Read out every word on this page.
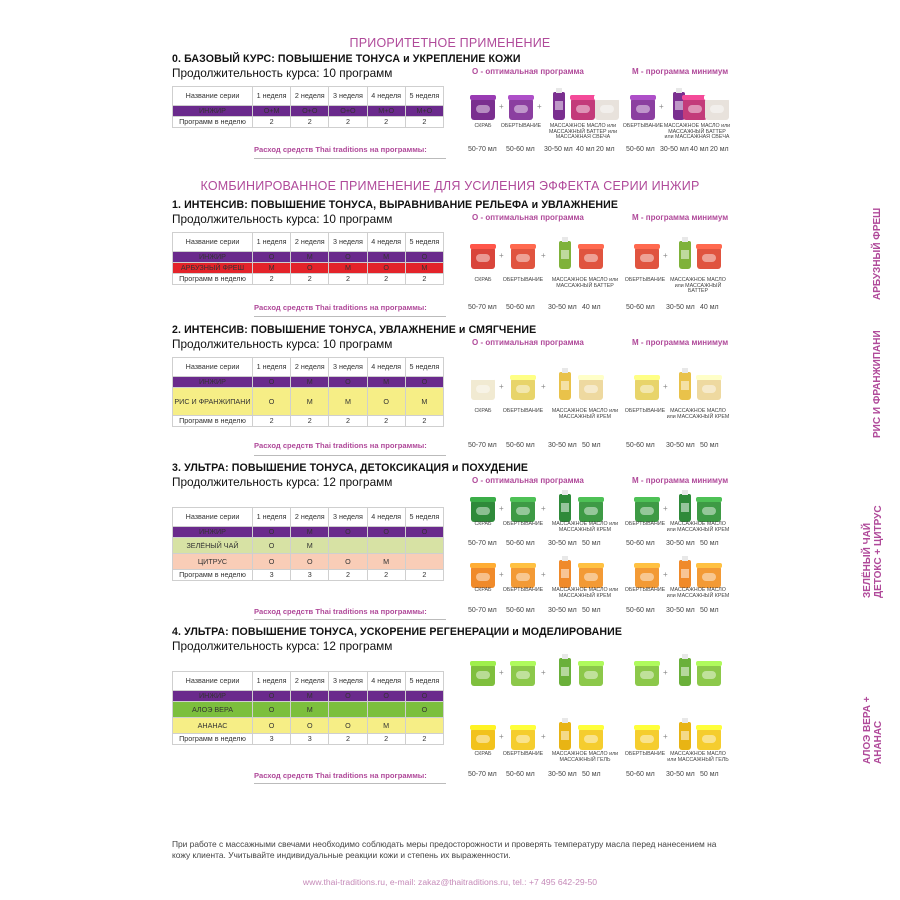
ПРИОРИТЕТНОЕ ПРИМЕНЕНИЕ
0. БАЗОВЫЙ КУРС: ПОВЫШЕНИЕ ТОНУСА и УКРЕПЛЕНИЕ КОЖИ
Продолжительность курса: 10 программ	О - оптимальная программа	М - программа минимум
Название серии	1 неделя	2 неделя	3 неделя	4 неделя	5 неделя
ИНЖИР	О+М	О+О	О+О	М+О	М+О
Программ в неделю	2	2	2	2	2
Расход средств Thai traditions на программы:
+	+	+
СКРАБ	ОБЕРТЫВАНИЕ	МАССАЖНОЕ МАСЛО или МАССАЖНЫЙ БАТТЕР или МАССАЖНАЯ СВЕЧА
ОБЕРТЫВАНИЕ МАССАЖНОЕ МАСЛО или МАССАЖНЫЙ БАТТЕР или МАССАЖНАЯ СВЕЧА
50-70 мл 50-60 мл 30-50 мл 40 мл 20 мл 50-60 мл 30-50 мл 40 мл 20 мл
КОМБИНИРОВАННОЕ ПРИМЕНЕНИЕ ДЛЯ УСИЛЕНИЯ ЭФФЕКТА СЕРИИ ИНЖИР
1. ИНТЕНСИВ: ПОВЫШЕНИЕ ТОНУСА, ВЫРАВНИВАНИЕ РЕЛЬЕФА и УВЛАЖНЕНИЕ
Продолжительность курса: 10 программ	О - оптимальная программа	М - программа минимум
Название серии	1 неделя	2 неделя	3 неделя	4 неделя	5 неделя
ИНЖИР	О	М	О	М	О
АРБУЗНЫЙ ФРЕШ	М	О	М	О	М
Программ в неделю	2	2	2	2	2
Расход средств Thai traditions на программы:
+	+	+
СКРАБ	ОБЕРТЫВАНИЕ	МАССАЖНОЕ МАСЛО или МАССАЖНЫЙ БАТТЕР
ОБЕРТЫВАНИЕ МАССАЖНОЕ МАСЛО или МАССАЖНЫЙ БАТТЕР
50-70 мл 50-60 мл 30-50 мл 40 мл	50-60 мл 30-50 мл 40 мл
2. ИНТЕНСИВ: ПОВЫШЕНИЕ ТОНУСА, УВЛАЖНЕНИЕ и СМЯГЧЕНИЕ
Продолжительность курса: 10 программ	О - оптимальная программа	М - программа минимум
Название серии	1 неделя	2 неделя	3 неделя	4 неделя	5 неделя
ИНЖИР	О	М	О	М	О
РИС И ФРАНЖИПАНИ	О	М	М	О	М
Программ в неделю	2	2	2	2	2
Расход средств Thai traditions на программы:
+	+	+
СКРАБ	ОБЕРТЫВАНИЕ	МАССАЖНОЕ МАСЛО или МАССАЖНЫЙ КРЕМ
ОБЕРТЫВАНИЕ МАССАЖНОЕ МАСЛО или МАССАЖНЫЙ КРЕМ
50-70 мл 50-60 мл 30-50 мл 50 мл	50-60 мл 30-50 мл 50 мл
3. УЛЬТРА: ПОВЫШЕНИЕ ТОНУСА, ДЕТОКСИКАЦИЯ и ПОХУДЕНИЕ
Продолжительность курса: 12 программ	О - оптимальная программа	М - программа минимум
Название серии	1 неделя	2 неделя	3 неделя	4 неделя	5 неделя
ИНЖИР	О	М	О	О	О
ЗЕЛЁНЫЙ ЧАЙ	О	М			
ЦИТРУС	О	О	О	М	
Программ в неделю	3	3	2	2	2
Расход средств Thai traditions на программы:
+	+	+
СКРАБ	ОБЕРТЫВАНИЕ	МАССАЖНОЕ МАСЛО или МАССАЖНЫЙ КРЕМ
ОБЕРТЫВАНИЕ МАССАЖНОЕ МАСЛО или МАССАЖНЫЙ КРЕМ
50-70 мл 50-60 мл 30-50 мл 50 мл	50-60 мл 30-50 мл 50 мл
+	+	+
СКРАБ	ОБЕРТЫВАНИЕ	МАССАЖНОЕ МАСЛО или МАССАЖНЫЙ КРЕМ
ОБЕРТЫВАНИЕ МАССАЖНОЕ МАСЛО или МАССАЖНЫЙ КРЕМ
50-70 мл 50-60 мл 30-50 мл 50 мл	50-60 мл 30-50 мл 50 мл
4. УЛЬТРА: ПОВЫШЕНИЕ ТОНУСА, УСКОРЕНИЕ РЕГЕНЕРАЦИИ и МОДЕЛИРОВАНИЕ
Продолжительность курса: 12 программ
Название серии	1 неделя	2 неделя	3 неделя	4 неделя	5 неделя
ИНЖИР	О	М	О	О	О
АЛОЭ ВЕРА	О	М			О
АНАНАС	О	О	О	М	
Программ в неделю	3	3	2	2	2
Расход средств Thai traditions на программы:
+	+	+
+	+	+
СКРАБ	ОБЕРТЫВАНИЕ	МАССАЖНОЕ МАСЛО или МАССАЖНЫЙ ГЕЛЬ
ОБЕРТЫВАНИЕ МАССАЖНОЕ МАСЛО или МАССАЖНЫЙ ГЕЛЬ
50-70 мл 50-60 мл 30-50 мл 50 мл	50-60 мл 30-50 мл 50 мл
АРБУЗНЫЙ ФРЕШ
РИС И ФРАНЖИПАНИ
ЗЕЛЁНЫЙ ЧАЙ ДЕТОКС + ЦИТРУС
АЛОЭ ВЕРА + АНАНАС
При работе с массажными свечами необходимо соблюдать меры предосторожности и проверять температуру масла перед нанесением на кожу клиента. Учитывайте индивидуальные реакции кожи и степень их выраженности.
www.thai-traditions.ru, e-mail: zakaz@thaitraditions.ru, tel.: +7 495 642-29-50
